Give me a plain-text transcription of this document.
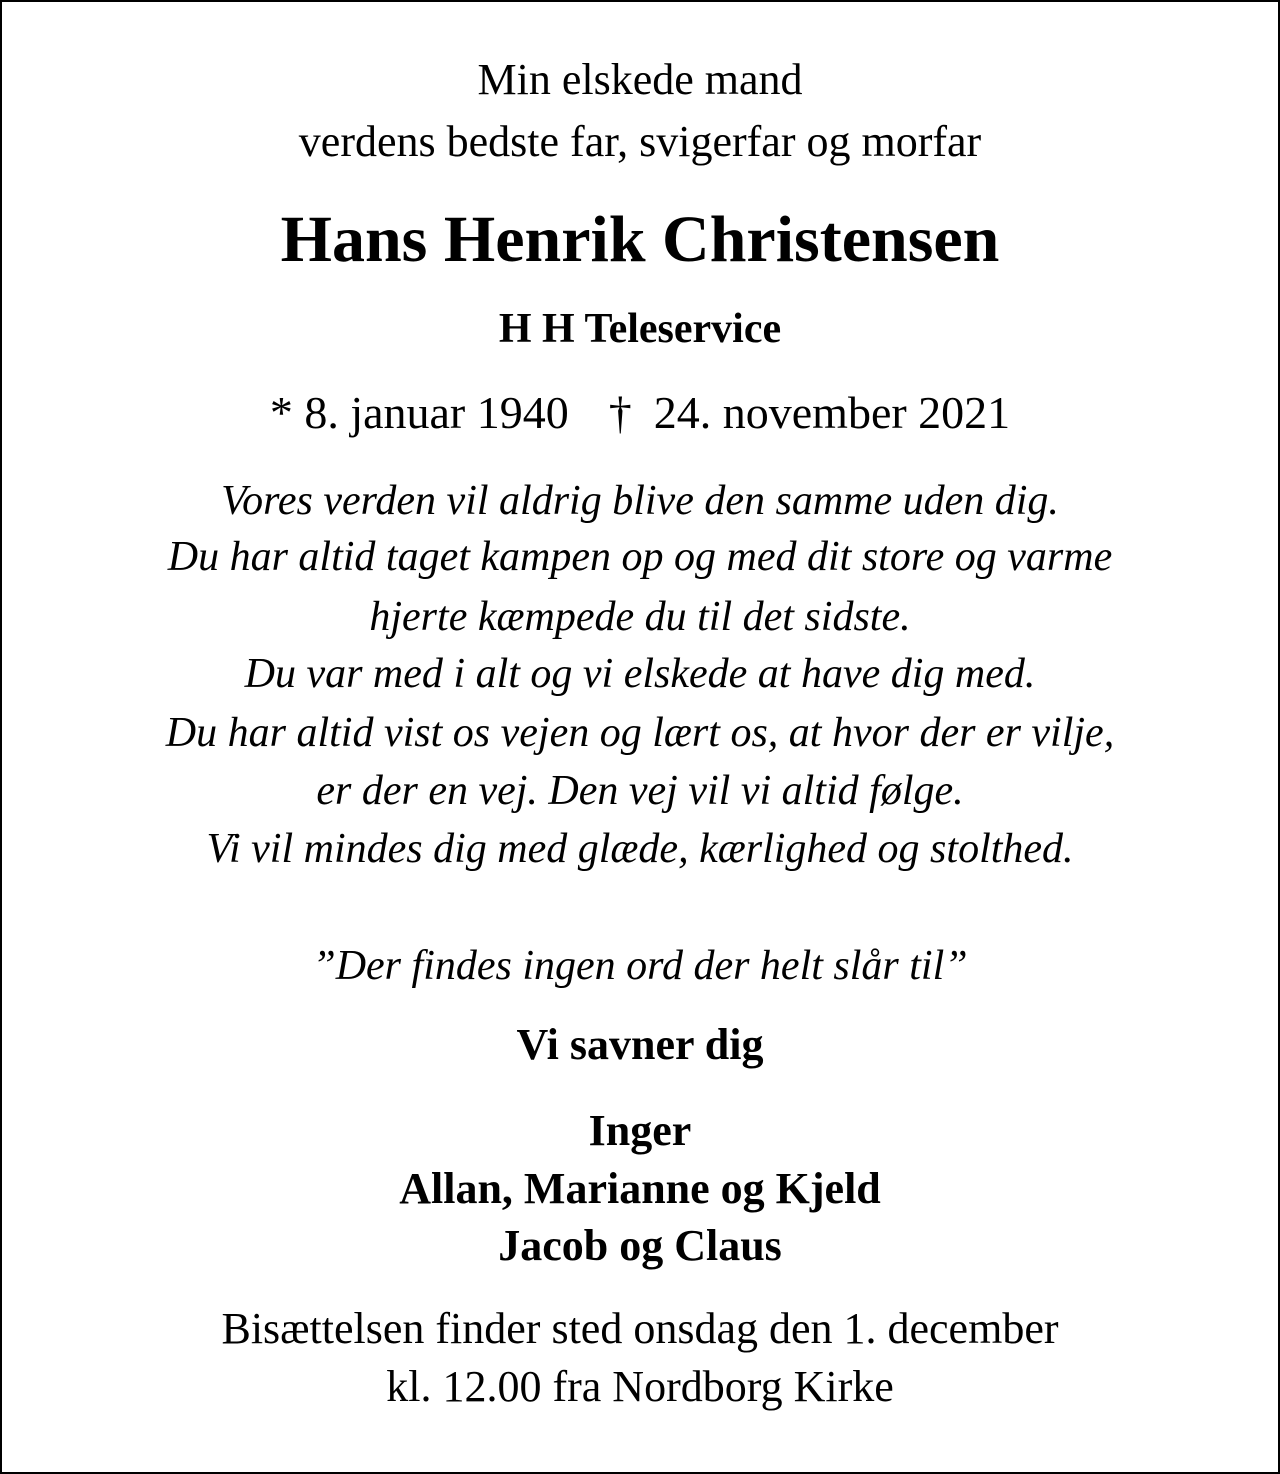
Min elskede mand
verdens bedste far, svigerfar og morfar
Hans Henrik Christensen
H H Teleservice
* 8. januar 1940 † 24. november 2021
Vores verden vil aldrig blive den samme uden dig.
Du har altid taget kampen op og med dit store og varme
hjerte kæmpede du til det sidste.
Du var med i alt og vi elskede at have dig med.
Du har altid vist os vejen og lært os, at hvor der er vilje,
er der en vej. Den vej vil vi altid følge.
Vi vil mindes dig med glæde, kærlighed og stolthed.
”Der findes ingen ord der helt slår til”
Vi savner dig
Inger
Allan, Marianne og Kjeld
Jacob og Claus
Bisættelsen finder sted onsdag den 1. december
kl. 12.00 fra Nordborg Kirke
